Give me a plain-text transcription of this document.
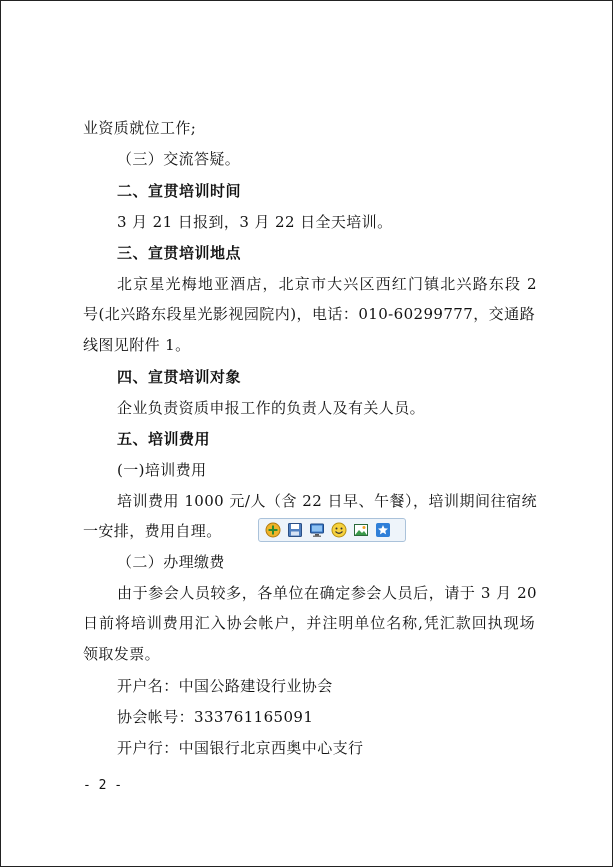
业资质就位工作;
（三）交流答疑。
二、宣贯培训时间
3 月 21 日报到，3 月 22 日全天培训。
三、宣贯培训地点
北京星光梅地亚酒店，北京市大兴区西红门镇北兴路东段 2
号(北兴路东段星光影视园院内)，电话：010-60299777，交通路
线图见附件 1。
四、宣贯培训对象
企业负责资质申报工作的负责人及有关人员。
五、培训费用
(一)培训费用
培训费用 1000 元/人（含 22 日早、午餐），培训期间往宿统
一安排，费用自理。
（二）办理缴费
由于参会人员较多，各单位在确定参会人员后，请于 3 月 20
日前将培训费用汇入协会帐户，并注明单位名称,凭汇款回执现场
领取发票。
开户名：中国公路建设行业协会
协会帐号：333761165091
开户行：中国银行北京西奥中心支行
- 2 -
